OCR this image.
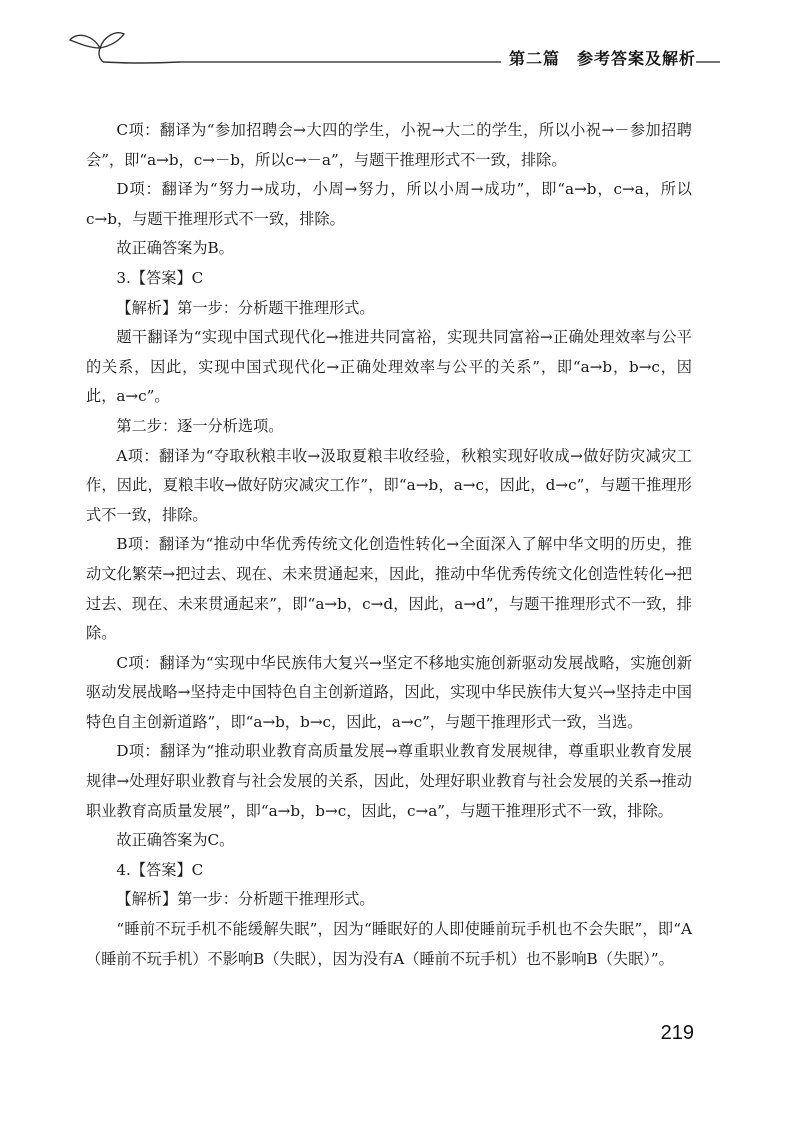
第二篇　参考答案及解析

C项：翻译为“参加招聘会→大四的学生，小祝→大二的学生，所以小祝→－参加招聘会”，即“a→b，c→－b，所以c→－a”，与题干推理形式不一致，排除。

D项：翻译为“努力→成功，小周→努力，所以小周→成功”，即“a→b，c→a，所以c→b，与题干推理形式不一致，排除。

故正确答案为B。

3.【答案】C

【解析】第一步：分析题干推理形式。

题干翻译为“实现中国式现代化→推进共同富裕，实现共同富裕→正确处理效率与公平的关系，因此，实现中国式现代化→正确处理效率与公平的关系”，即“a→b，b→c，因此，a→c”。

第二步：逐一分析选项。

A项：翻译为“夺取秋粮丰收→汲取夏粮丰收经验，秋粮实现好收成→做好防灾减灾工作，因此，夏粮丰收→做好防灾减灾工作”，即“a→b，a→c，因此，d→c”，与题干推理形式不一致，排除。

B项：翻译为“推动中华优秀传统文化创造性转化→全面深入了解中华文明的历史，推动文化繁荣→把过去、现在、未来贯通起来，因此，推动中华优秀传统文化创造性转化→把过去、现在、未来贯通起来”，即“a→b，c→d，因此，a→d”，与题干推理形式不一致，排除。

C项：翻译为“实现中华民族伟大复兴→坚定不移地实施创新驱动发展战略，实施创新驱动发展战略→坚持走中国特色自主创新道路，因此，实现中华民族伟大复兴→坚持走中国特色自主创新道路”，即“a→b，b→c，因此，a→c”，与题干推理形式一致，当选。

D项：翻译为“推动职业教育高质量发展→尊重职业教育发展规律，尊重职业教育发展规律→处理好职业教育与社会发展的关系，因此，处理好职业教育与社会发展的关系→推动职业教育高质量发展”，即“a→b，b→c，因此，c→a”，与题干推理形式不一致，排除。

故正确答案为C。

4.【答案】C

【解析】第一步：分析题干推理形式。

“睡前不玩手机不能缓解失眠”，因为“睡眠好的人即使睡前玩手机也不会失眠”，即“A（睡前不玩手机）不影响B（失眠），因为没有A（睡前不玩手机）也不影响B（失眠）”。

219
